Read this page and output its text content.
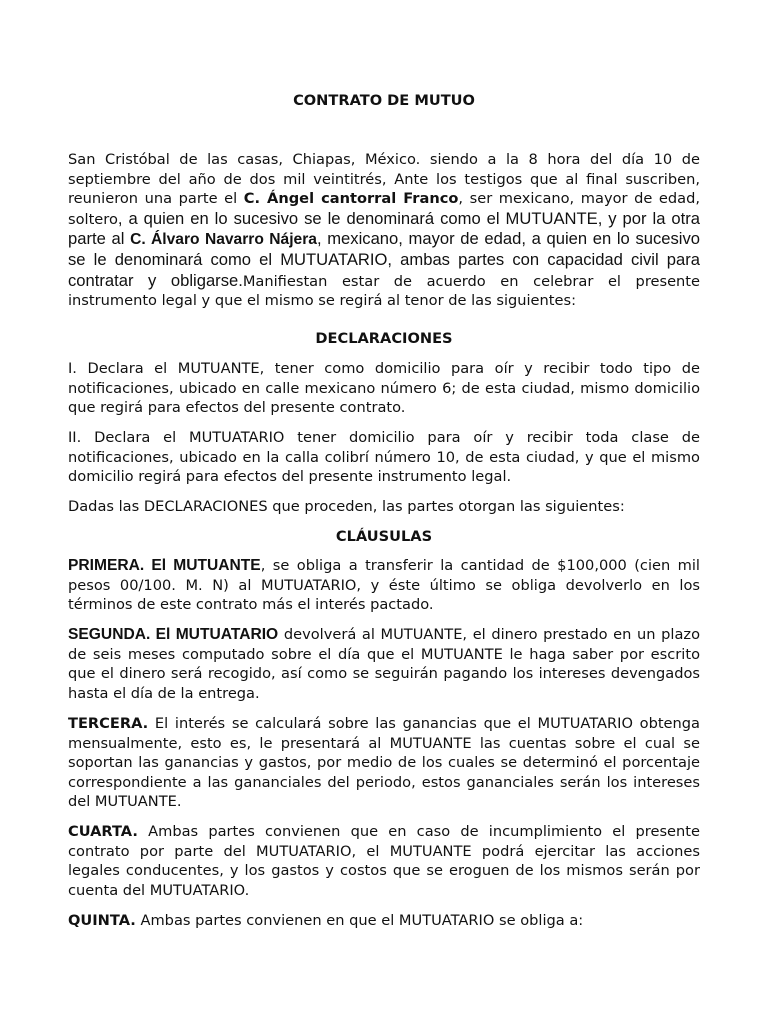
CONTRATO DE MUTUO

San Cristóbal de las casas, Chiapas, México. siendo a la 8 hora del día 10 de septiembre del año de dos mil veintitrés, Ante los testigos que al final suscriben, reunieron una parte el C. Ángel cantorral Franco, ser mexicano, mayor de edad, soltero, a quien en lo sucesivo se le denominará como el MUTUANTE, y por la otra parte al C. Álvaro Navarro Nájera, mexicano, mayor de edad, a quien en lo sucesivo se le denominará como el MUTUATARIO, ambas partes con capacidad civil para contratar y obligarse.Manifiestan estar de acuerdo en celebrar el presente instrumento legal y que el mismo se regirá al tenor de las siguientes:

DECLARACIONES

I. Declara el MUTUANTE, tener como domicilio para oír y recibir todo tipo de notificaciones, ubicado en calle mexicano número 6; de esta ciudad, mismo domicilio que regirá para efectos del presente contrato.

II. Declara el MUTUATARIO tener domicilio para oír y recibir toda clase de notificaciones, ubicado en la calla colibrí número 10, de esta ciudad, y que el mismo domicilio regirá para efectos del presente instrumento legal.

Dadas las DECLARACIONES que proceden, las partes otorgan las siguientes:

CLÁUSULAS

PRIMERA. El MUTUANTE, se obliga a transferir la cantidad de $100,000 (cien mil pesos 00/100. M. N) al MUTUATARIO, y éste último se obliga devolverlo en los términos de este contrato más el interés pactado.

SEGUNDA. El MUTUATARIO devolverá al MUTUANTE, el dinero prestado en un plazo de seis meses computado sobre el día que el MUTUANTE le haga saber por escrito que el dinero será recogido, así como se seguirán pagando los intereses devengados hasta el día de la entrega.

TERCERA. El interés se calculará sobre las ganancias que el MUTUATARIO obtenga mensualmente, esto es, le presentará al MUTUANTE las cuentas sobre el cual se soportan las ganancias y gastos, por medio de los cuales se determinó el porcentaje correspondiente a las gananciales del periodo, estos gananciales serán los intereses del MUTUANTE.

CUARTA. Ambas partes convienen que en caso de incumplimiento el presente contrato por parte del MUTUATARIO, el MUTUANTE podrá ejercitar las acciones legales conducentes, y los gastos y costos que se eroguen de los mismos serán por cuenta del MUTUATARIO.

QUINTA. Ambas partes convienen en que el MUTUATARIO se obliga a:
